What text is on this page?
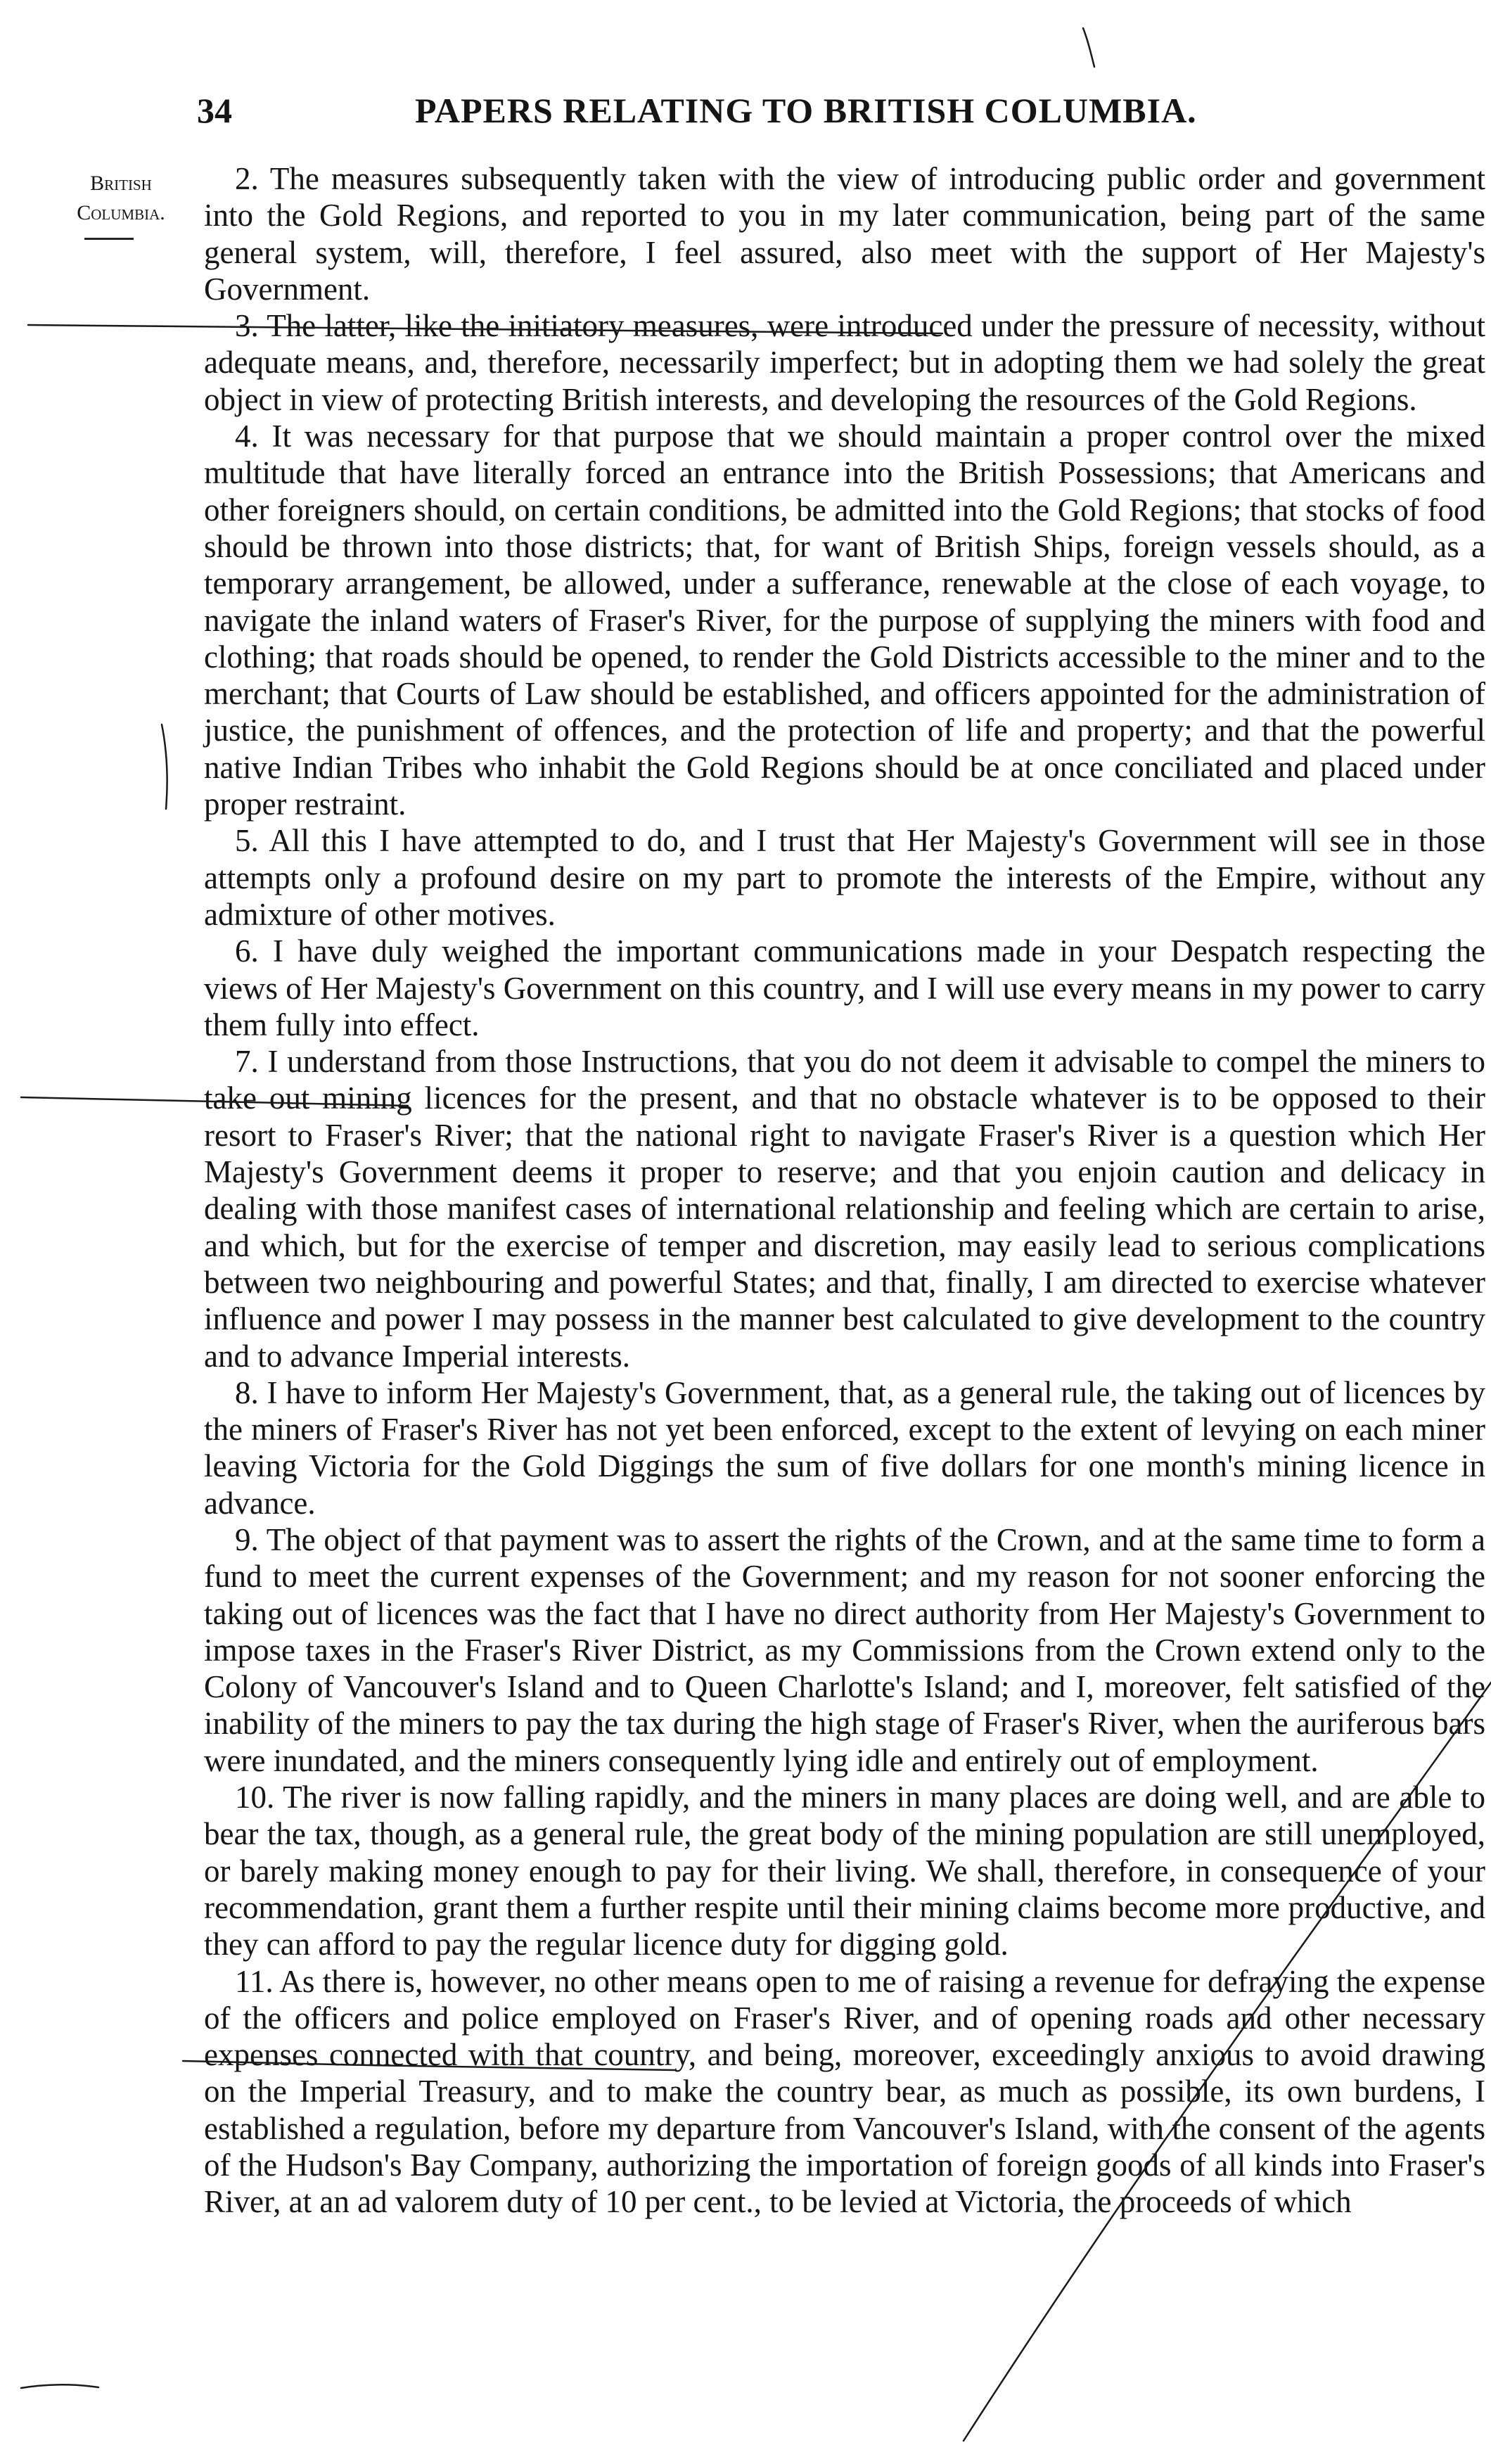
34	PAPERS RELATING TO BRITISH COLUMBIA.
British
Columbia.

2. The measures subsequently taken with the view of introducing public order and government into the Gold Regions, and reported to you in my later communication, being part of the same general system, will, therefore, I feel assured, also meet with the support of Her Majesty's Government.

3. The latter, like the initiatory measures, were introduced under the pressure of necessity, without adequate means, and, therefore, necessarily imperfect; but in adopting them we had solely the great object in view of protecting British interests, and developing the resources of the Gold Regions.

4. It was necessary for that purpose that we should maintain a proper control over the mixed multitude that have literally forced an entrance into the British Possessions; that Americans and other foreigners should, on certain conditions, be admitted into the Gold Regions; that stocks of food should be thrown into those districts; that, for want of British Ships, foreign vessels should, as a temporary arrangement, be allowed, under a sufferance, renewable at the close of each voyage, to navigate the inland waters of Fraser's River, for the purpose of supplying the miners with food and clothing; that roads should be opened, to render the Gold Districts accessible to the miner and to the merchant; that Courts of Law should be established, and officers appointed for the administration of justice, the punishment of offences, and the protection of life and property; and that the powerful native Indian Tribes who inhabit the Gold Regions should be at once conciliated and placed under proper restraint.

5. All this I have attempted to do, and I trust that Her Majesty's Government will see in those attempts only a profound desire on my part to promote the interests of the Empire, without any admixture of other motives.

6. I have duly weighed the important communications made in your Despatch respecting the views of Her Majesty's Government on this country, and I will use every means in my power to carry them fully into effect.

7. I understand from those Instructions, that you do not deem it advisable to compel the miners to take out mining licences for the present, and that no obstacle whatever is to be opposed to their resort to Fraser's River; that the national right to navigate Fraser's River is a question which Her Majesty's Government deems it proper to reserve; and that you enjoin caution and delicacy in dealing with those manifest cases of international relationship and feeling which are certain to arise, and which, but for the exercise of temper and discretion, may easily lead to serious complications between two neighbouring and powerful States; and that, finally, I am directed to exercise whatever influence and power I may possess in the manner best calculated to give development to the country and to advance Imperial interests.

8. I have to inform Her Majesty's Government, that, as a general rule, the taking out of licences by the miners of Fraser's River has not yet been enforced, except to the extent of levying on each miner leaving Victoria for the Gold Diggings the sum of five dollars for one month's mining licence in advance.

9. The object of that payment was to assert the rights of the Crown, and at the same time to form a fund to meet the current expenses of the Government; and my reason for not sooner enforcing the taking out of licences was the fact that I have no direct authority from Her Majesty's Government to impose taxes in the Fraser's River District, as my Commissions from the Crown extend only to the Colony of Vancouver's Island and to Queen Charlotte's Island; and I, moreover, felt satisfied of the inability of the miners to pay the tax during the high stage of Fraser's River, when the auriferous bars were inundated, and the miners consequently lying idle and entirely out of employment.

10. The river is now falling rapidly, and the miners in many places are doing well, and are able to bear the tax, though, as a general rule, the great body of the mining population are still unemployed, or barely making money enough to pay for their living. We shall, therefore, in consequence of your recommendation, grant them a further respite until their mining claims become more productive, and they can afford to pay the regular licence duty for digging gold.

11. As there is, however, no other means open to me of raising a revenue for defraying the expense of the officers and police employed on Fraser's River, and of opening roads and other necessary expenses connected with that country, and being, moreover, exceedingly anxious to avoid drawing on the Imperial Treasury, and to make the country bear, as much as possible, its own burdens, I established a regulation, before my departure from Vancouver's Island, with the consent of the agents of the Hudson's Bay Company, authorizing the importation of foreign goods of all kinds into Fraser's River, at an ad valorem duty of 10 per cent., to be levied at Victoria, the proceeds of which
